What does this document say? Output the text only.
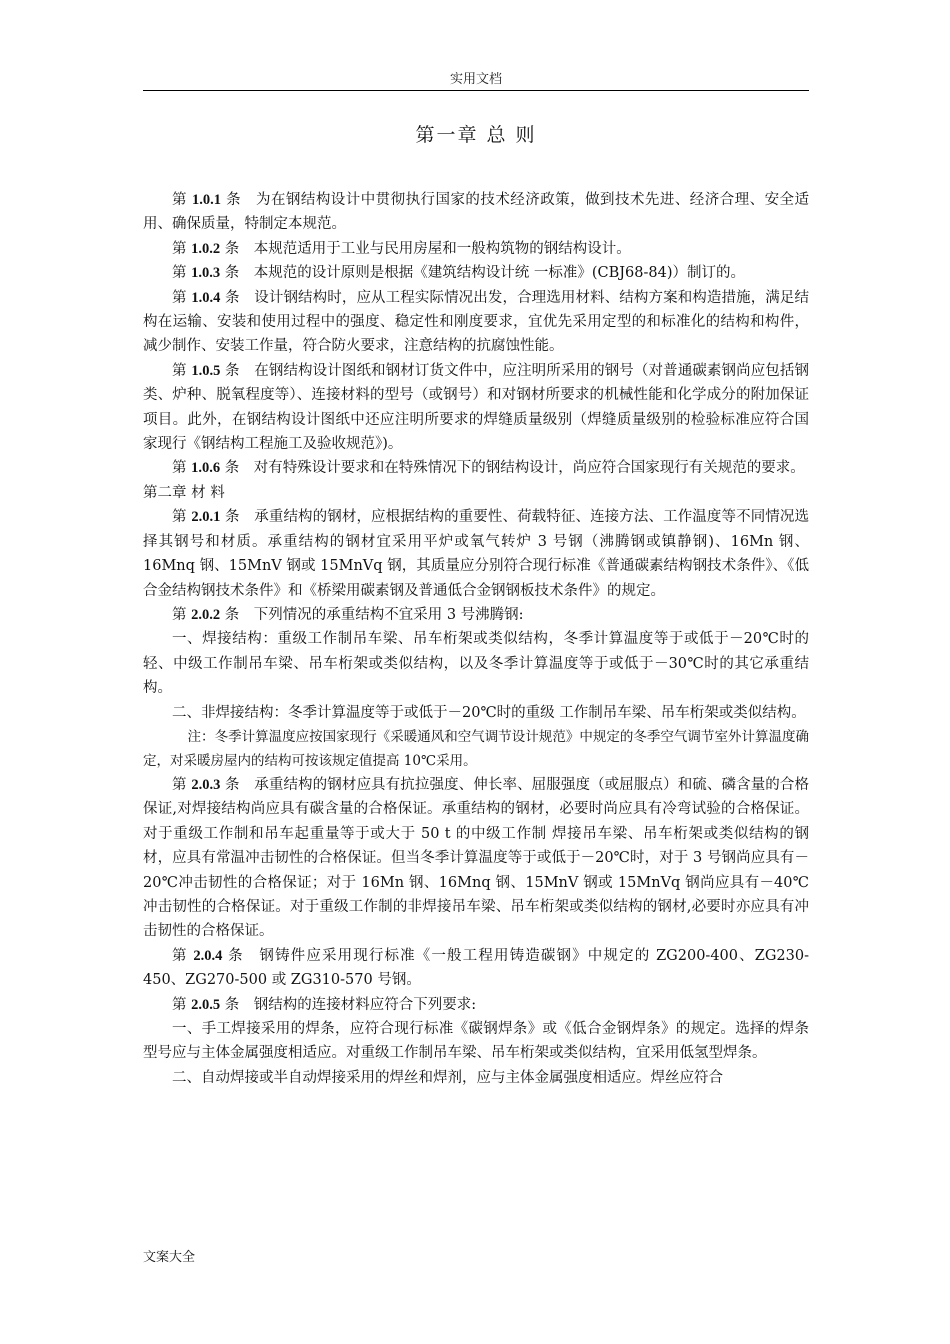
实用文档
第一章 总 则

第 1.0.1 条　为在钢结构设计中贯彻执行国家的技术经济政策，做到技术先进、经济合理、安全适用、确保质量，特制定本规范。

第 1.0.2 条　本规范适用于工业与民用房屋和一般构筑物的钢结构设计。

第 1.0.3 条　本规范的设计原则是根据《建筑结构设计统 一标准》(CBJ68-84)）制订的。

第 1.0.4 条　设计钢结构时，应从工程实际情况出发，合理选用材料、结构方案和构造措施，满足结构在运输、安装和使用过程中的强度、稳定性和刚度要求，宜优先采用定型的和标准化的结构和构件，减少制作、安装工作量，符合防火要求，注意结构的抗腐蚀性能。

第 1.0.5 条　在钢结构设计图纸和钢材订货文件中，应注明所采用的钢号（对普通碳素钢尚应包括钢类、炉种、脱氧程度等）、连接材料的型号（或钢号）和对钢材所要求的机械性能和化学成分的附加保证项目。此外，在钢结构设计图纸中还应注明所要求的焊缝质量级别（焊缝质量级别的检验标准应符合国家现行《钢结构工程施工及验收规范》)。

第 1.0.6 条　对有特殊设计要求和在特殊情况下的钢结构设计，尚应符合国家现行有关规范的要求。

第二章 材 料

第 2.0.1 条　承重结构的钢材，应根据结构的重要性、荷载特征、连接方法、工作温度等不同情况选择其钢号和材质。承重结构的钢材宜采用平炉或氧气转炉 3 号钢（沸腾钢或镇静钢)、16Mn 钢、16Mnq 钢、15MnV 钢或 15MnVq 钢，其质量应分别符合现行标准《普通碳素结构钢技术条件》、《低合金结构钢技术条件》和《桥梁用碳素钢及普通低合金钢钢板技术条件》的规定。

第 2.0.2 条　下列情况的承重结构不宜采用 3 号沸腾钢:

一、焊接结构：重级工作制吊车梁、吊车桁架或类似结构，冬季计算温度等于或低于－20℃时的轻、中级工作制吊车梁、吊车桁架或类似结构，以及冬季计算温度等于或低于－30℃时的其它承重结构。

二、非焊接结构：冬季计算温度等于或低于－20℃时的重级 工作制吊车梁、吊车桁架或类似结构。

注：冬季计算温度应按国家现行《采暖通风和空气调节设计规范》中规定的冬季空气调节室外计算温度确定，对采暖房屋内的结构可按该规定值提高 10℃采用。

第 2.0.3 条　承重结构的钢材应具有抗拉强度、伸长率、屈服强度（或屈服点）和硫、磷含量的合格保证,对焊接结构尚应具有碳含量的合格保证。承重结构的钢材，必要时尚应具有冷弯试验的合格保证。对于重级工作制和吊车起重量等于或大于 50 t 的中级工作制 焊接吊车梁、吊车桁架或类似结构的钢材，应具有常温冲击韧性的合格保证。但当冬季计算温度等于或低于－20℃时，对于 3 号钢尚应具有－20℃冲击韧性的合格保证；对于 16Mn 钢、16Mnq 钢、15MnV 钢或 15MnVq 钢尚应具有－40℃冲击韧性的合格保证。对于重级工作制的非焊接吊车梁、吊车桁架或类似结构的钢材,必要时亦应具有冲击韧性的合格保证。

第 2.0.4 条　钢铸件应采用现行标准《一般工程用铸造碳钢》中规定的 ZG200-400、ZG230-450、ZG270-500 或 ZG310-570 号钢。

第 2.0.5 条　钢结构的连接材料应符合下列要求:

一、手工焊接采用的焊条，应符合现行标准《碳钢焊条》或《低合金钢焊条》的规定。选择的焊条型号应与主体金属强度相适应。对重级工作制吊车梁、吊车桁架或类似结构，宜采用低氢型焊条。

二、自动焊接或半自动焊接采用的焊丝和焊剂，应与主体金属强度相适应。焊丝应符合

文案大全
